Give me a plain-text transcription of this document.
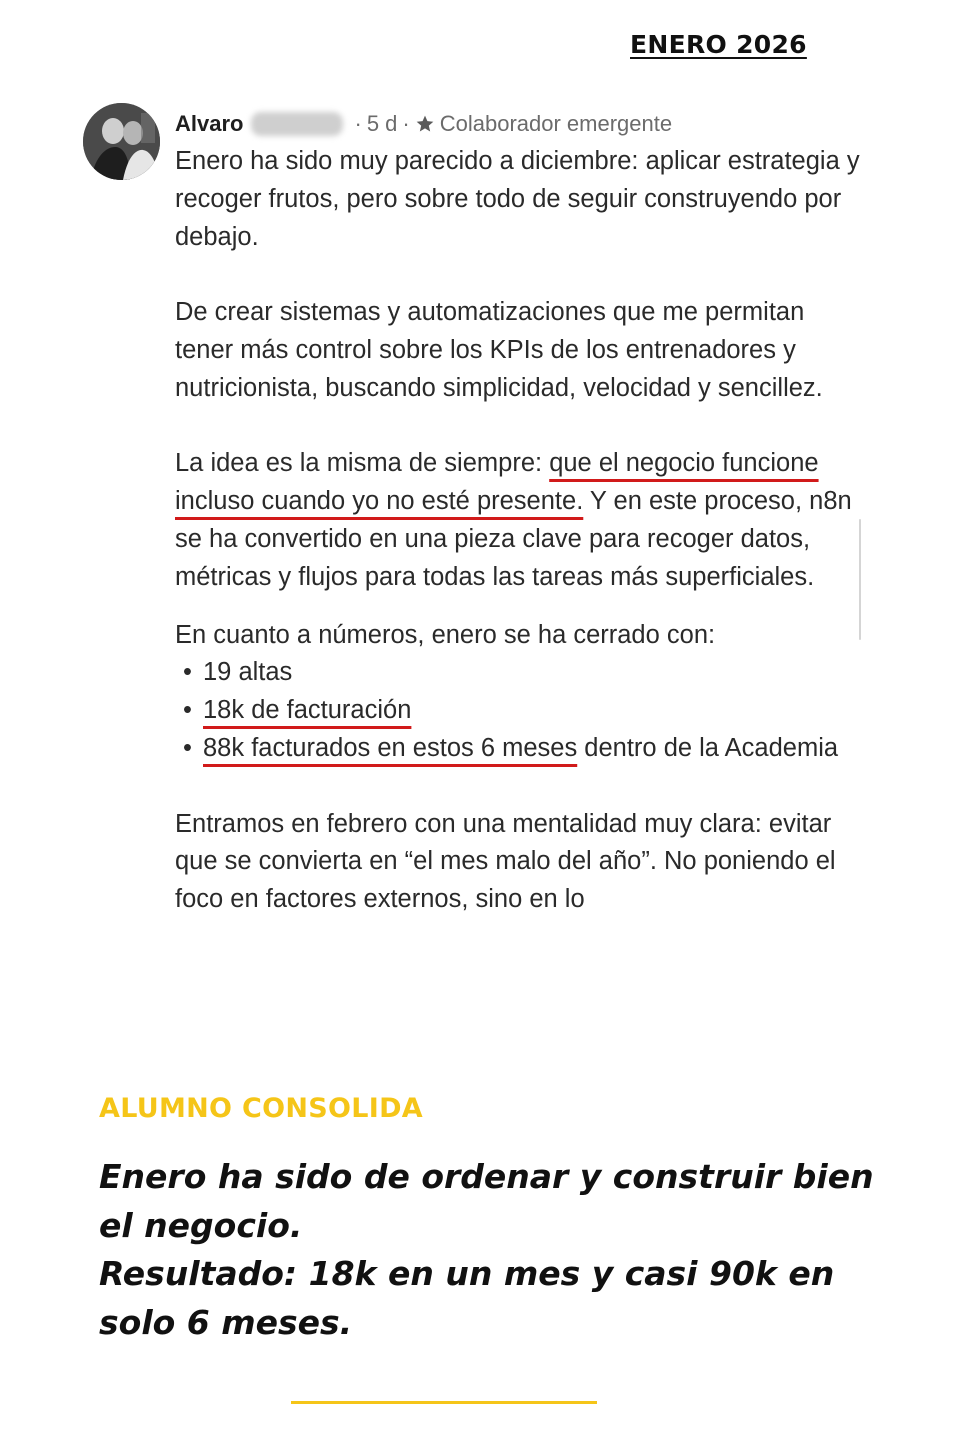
ENERO 2026
Alvaro	· 5 d · Colaborador emergente

Enero ha sido muy parecido a diciembre: aplicar estrategia y recoger frutos, pero sobre todo de seguir construyendo por debajo.

De crear sistemas y automatizaciones que me permitan tener más control sobre los KPIs de los entrenadores y nutricionista, buscando simplicidad, velocidad y sencillez.

La idea es la misma de siempre: que el negocio funcione incluso cuando yo no esté presente. Y en este proceso, n8n se ha convertido en una pieza clave para recoger datos, métricas y flujos para todas las tareas más superficiales.

En cuanto a números, enero se ha cerrado con:

• 19 altas
• 18k de facturación
• 88k facturados en estos 6 meses dentro de la Academia

Entramos en febrero con una mentalidad muy clara: evitar que se convierta en “el mes malo del año”. No poniendo el foco en factores externos, sino en lo

ALUMNO CONSOLIDA

Enero ha sido de ordenar y construir bien el negocio.

Resultado: 18k en un mes y casi 90k en solo 6 meses.
